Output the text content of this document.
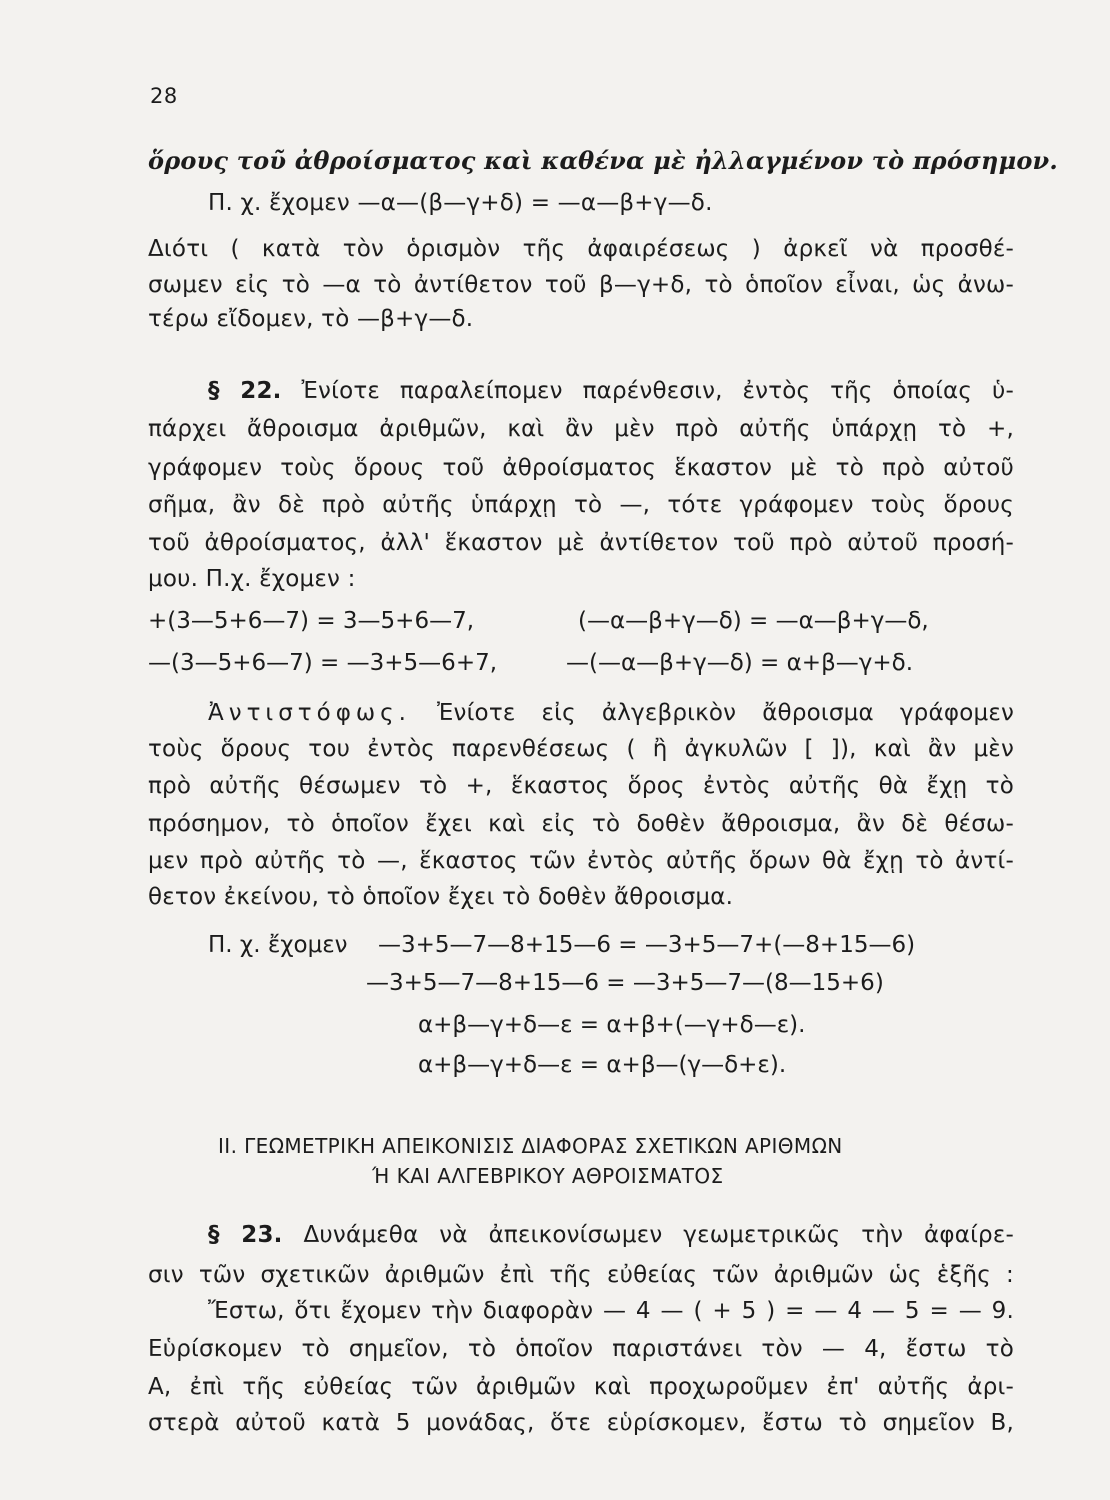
28
ὅρους τοῦ ἀθροίσματος καὶ καθένα μὲ ἠλλαγμένον τὸ πρόσημον.
Π. χ. ἔχομεν —α—(β—γ+δ) = —α—β+γ—δ.
Διότι ( κατὰ τὸν ὁρισμὸν τῆς ἀφαιρέσεως ) ἀρκεῖ νὰ προσθέ-
σωμεν εἰς τὸ —α τὸ ἀντίθετον τοῦ β—γ+δ, τὸ ὁποῖον εἶναι, ὡς ἀνω-
τέρω εἴδομεν, τὸ —β+γ—δ.
§ 22. Ἐνίοτε παραλείπομεν παρένθεσιν, ἐντὸς τῆς ὁποίας ὑ-
πάρχει ἄθροισμα ἀριθμῶν, καὶ ἂν μὲν πρὸ αὐτῆς ὑπάρχῃ τὸ +,
γράφομεν τοὺς ὅρους τοῦ ἀθροίσματος ἕκαστον μὲ τὸ πρὸ αὐτοῦ
σῆμα, ἂν δὲ πρὸ αὐτῆς ὑπάρχῃ τὸ —, τότε γράφομεν τοὺς ὅρους
τοῦ ἀθροίσματος, ἀλλ' ἕκαστον μὲ ἀντίθετον τοῦ πρὸ αὐτοῦ προσή-
μου. Π.χ. ἔχομεν :
+(3—5+6—7) = 3—5+6—7,	(—α—β+γ—δ) = —α—β+γ—δ,
—(3—5+6—7) = —3+5—6+7,	—(—α—β+γ—δ) = α+β—γ+δ.
Ἀντιστόφως. Ἐνίοτε εἰς ἀλγεβρικὸν ἄθροισμα γράφομεν
τοὺς ὅρους του ἐντὸς παρενθέσεως ( ἢ ἀγκυλῶν [ ]), καὶ ἂν μὲν
πρὸ αὐτῆς θέσωμεν τὸ +, ἕκαστος ὅρος ἐντὸς αὐτῆς θὰ ἔχῃ τὸ
πρόσημον, τὸ ὁποῖον ἔχει καὶ εἰς τὸ δοθὲν ἄθροισμα, ἂν δὲ θέσω-
μεν πρὸ αὐτῆς τὸ —, ἕκαστος τῶν ἐντὸς αὐτῆς ὅρων θὰ ἔχῃ τὸ ἀντί-
θετον ἐκείνου, τὸ ὁποῖον ἔχει τὸ δοθὲν ἄθροισμα.
Π. χ. ἔχομεν —3+5—7—8+15—6 = —3+5—7+(—8+15—6)
—3+5—7—8+15—6 = —3+5—7—(8—15+6)
α+β—γ+δ—ε = α+β+(—γ+δ—ε).
α+β—γ+δ—ε = α+β—(γ—δ+ε).
ΙΙ. ΓΕΩΜΕΤΡΙΚΗ ΑΠΕΙΚΟΝΙΣΙΣ ΔΙΑΦΟΡΑΣ ΣΧΕΤΙΚΩΝ ΑΡΙΘΜΩΝ
Ή ΚΑΙ ΑΛΓΕΒΡΙΚΟΥ ΑΘΡΟΙΣΜΑΤΟΣ
§ 23. Δυνάμεθα νὰ ἀπεικονίσωμεν γεωμετρικῶς τὴν ἀφαίρε-
σιν τῶν σχετικῶν ἀριθμῶν ἐπὶ τῆς εὐθείας τῶν ἀριθμῶν ὡς ἑξῆς :
Ἔστω, ὅτι ἔχομεν τὴν διαφορὰν — 4 — ( + 5 ) = — 4 — 5 = — 9.
Εὑρίσκομεν τὸ σημεῖον, τὸ ὁποῖον παριστάνει τὸν — 4, ἔστω τὸ
Α, ἐπὶ τῆς εὐθείας τῶν ἀριθμῶν καὶ προχωροῦμεν ἐπ' αὐτῆς ἀρι-
στερὰ αὐτοῦ κατὰ 5 μονάδας, ὅτε εὑρίσκομεν, ἔστω τὸ σημεῖον Β,
